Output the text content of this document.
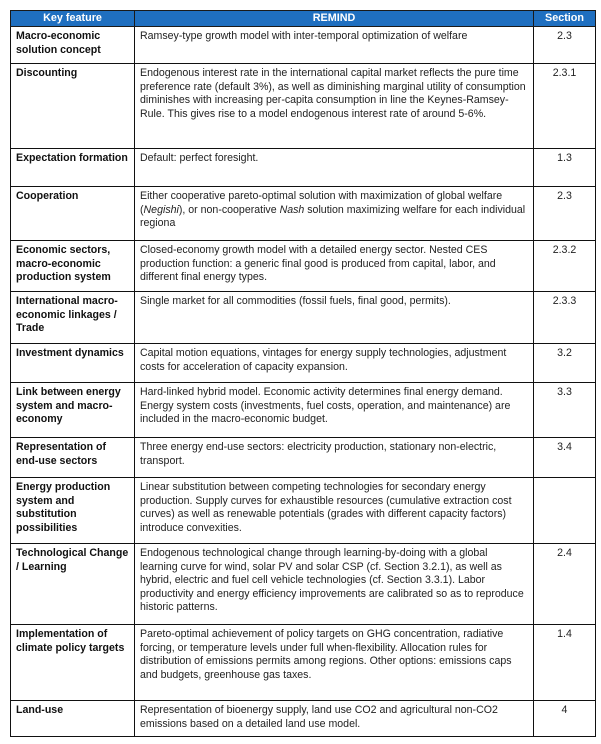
Key feature	REMIND	Section
Macro-economic solution concept	Ramsey-type growth model with inter-temporal optimization of welfare	2.3
Discounting	Endogenous interest rate in the international capital market reflects the pure time preference rate (default 3%), as well as diminishing marginal utility of consumption diminishes with increasing per-capita consumption in line the Keynes-Ramsey-Rule. This gives rise to a model endogenous interest rate of around 5-6%.	2.3.1
Expectation formation	Default: perfect foresight.	1.3
Cooperation	Either cooperative pareto-optimal solution with maximization of global welfare (Negishi), or non-cooperative Nash solution maximizing welfare for each individual regiona	2.3
Economic sectors, macro-economic production system	Closed-economy growth model with a detailed energy sector. Nested CES production function: a generic final good is produced from capital, labor, and different final energy types.	2.3.2
International macro-economic linkages / Trade	Single market for all commodities (fossil fuels, final good, permits).	2.3.3
Investment dynamics	Capital motion equations, vintages for energy supply technologies, adjustment costs for acceleration of capacity expansion.	3.2
Link between energy system and macro-economy	Hard-linked hybrid model. Economic activity determines final energy demand. Energy system costs (investments, fuel costs, operation, and maintenance) are included in the macro-economic budget.	3.3
Representation of end-use sectors	Three energy end-use sectors: electricity production, stationary non-electric, transport.	3.4
Energy production system and substitution possibilities	Linear substitution between competing technologies for secondary energy production. Supply curves for exhaustible resources (cumulative extraction cost curves) as well as renewable potentials (grades with different capacity factors) introduce convexities.	
Technological Change / Learning	Endogenous technological change through learning-by-doing with a global learning curve for wind, solar PV and solar CSP (cf. Section 3.2.1), as well as hybrid, electric and fuel cell vehicle technologies (cf. Section 3.3.1). Labor productivity and energy efficiency improvements are calibrated so as to reproduce historic patterns.	2.4
Implementation of climate policy targets	Pareto-optimal achievement of policy targets on GHG concentration, radiative forcing, or temperature levels under full when-flexibility. Allocation rules for distribution of emissions permits among regions. Other options: emissions caps and budgets, greenhouse gas taxes.	1.4
Land-use	Representation of bioenergy supply, land use CO2 and agricultural non-CO2 emissions based on a detailed land use model.	4
